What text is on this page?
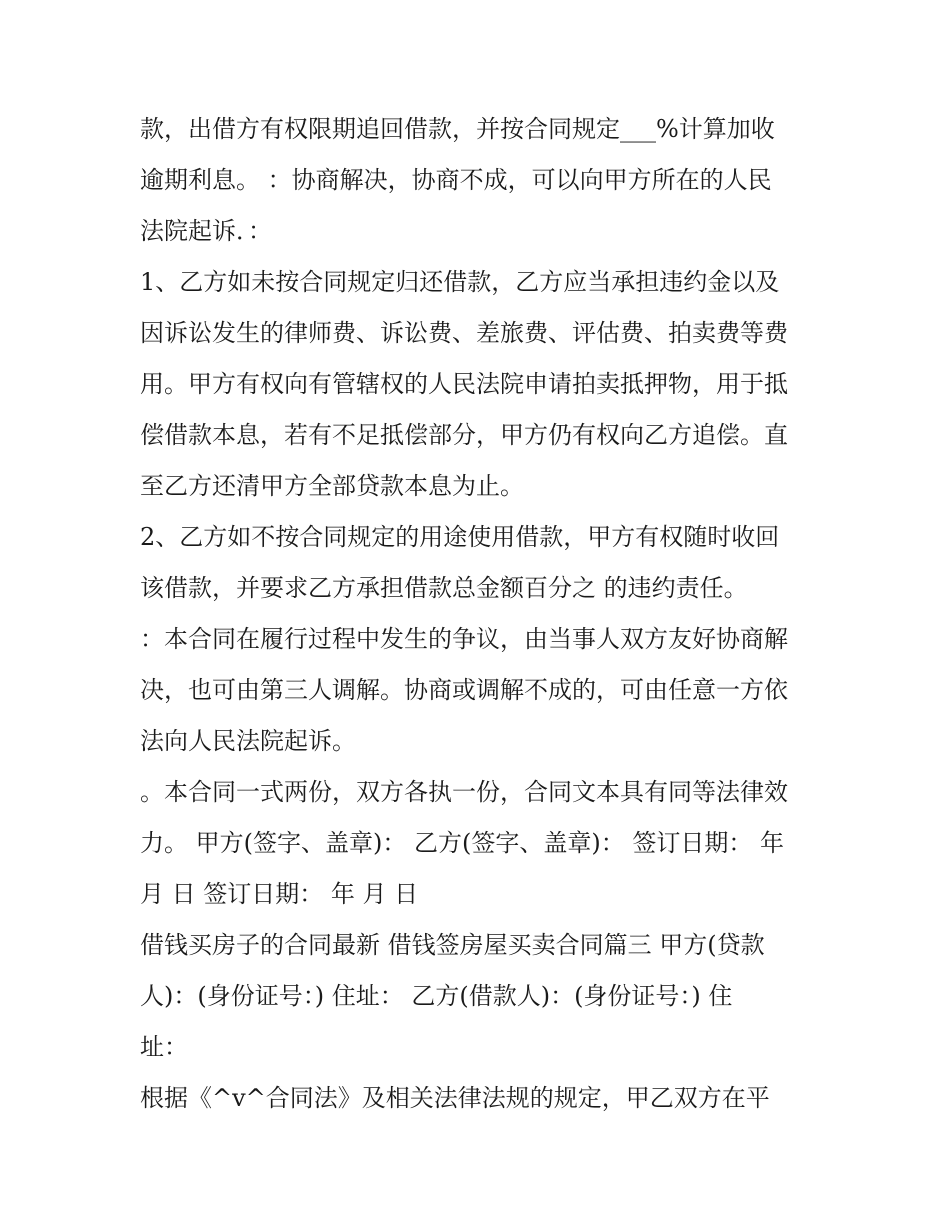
款，出借方有权限期追回借款，并按合同规定___%计算加收
逾期利息。 ：协商解决，协商不成，可以向甲方所在的人民
法院起诉．：
1、乙方如未按合同规定归还借款，乙方应当承担违约金以及
因诉讼发生的律师费、诉讼费、差旅费、评估费、拍卖费等费
用。甲方有权向有管辖权的人民法院申请拍卖抵押物，用于抵
偿借款本息，若有不足抵偿部分，甲方仍有权向乙方追偿。直
至乙方还清甲方全部贷款本息为止。
2、乙方如不按合同规定的用途使用借款，甲方有权随时收回
该借款，并要求乙方承担借款总金额百分之 的违约责任。
：本合同在履行过程中发生的争议，由当事人双方友好协商解
决，也可由第三人调解。协商或调解不成的，可由任意一方依
法向人民法院起诉。
。本合同一式两份，双方各执一份，合同文本具有同等法律效
力。 甲方(签字、盖章)： 乙方(签字、盖章)： 签订日期： 年
月 日 签订日期： 年 月 日
借钱买房子的合同最新 借钱签房屋买卖合同篇三 甲方(贷款
人)：(身份证号：) 住址： 乙方(借款人)：(身份证号：) 住
址：
根据《^v^合同法》及相关法律法规的规定，甲乙双方在平
